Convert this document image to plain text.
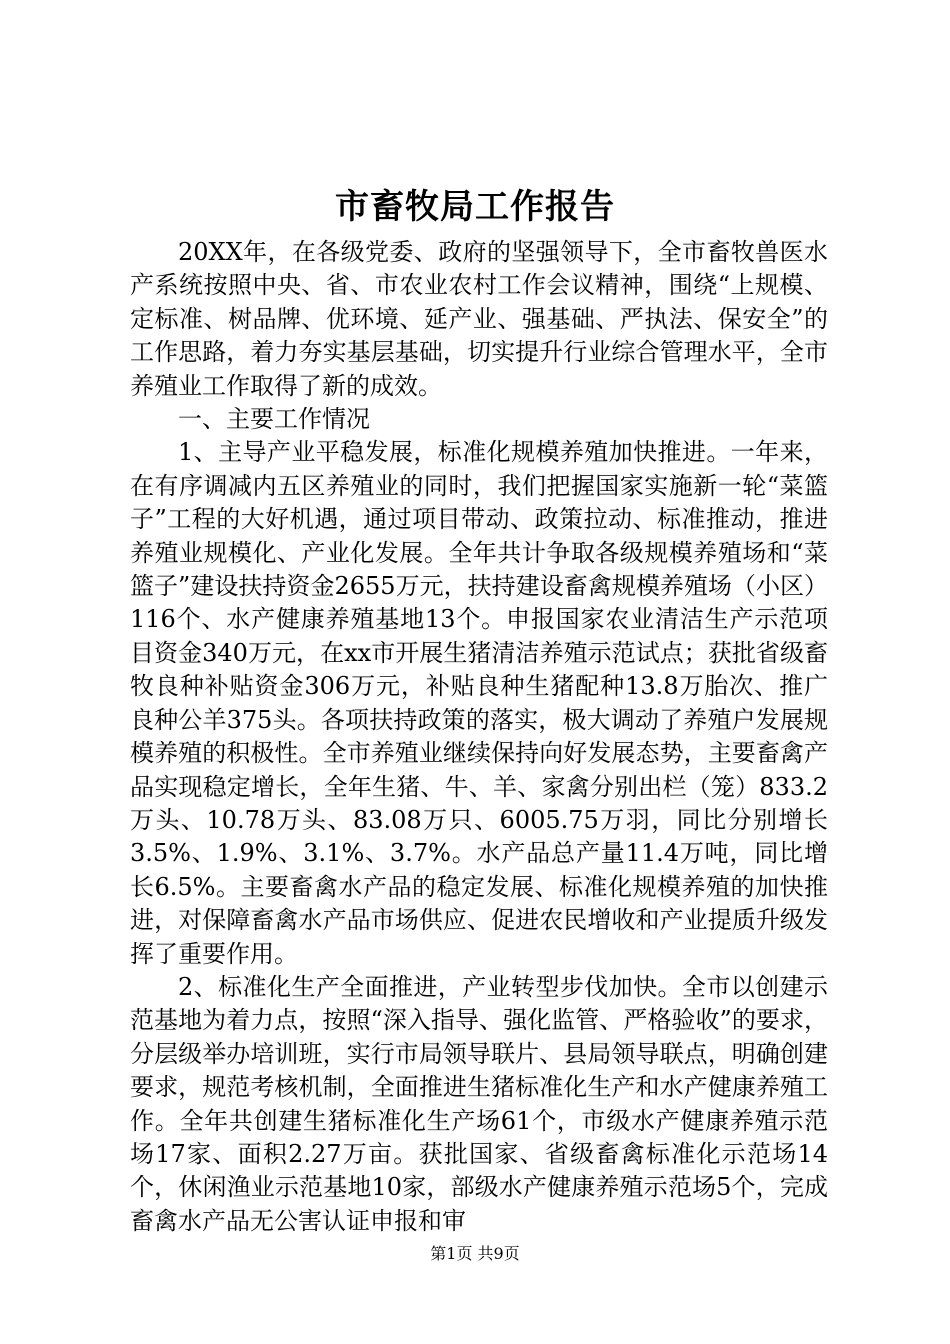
市畜牧局工作报告

20XX年，在各级党委、政府的坚强领导下，全市畜牧兽医水产系统按照中央、省、市农业农村工作会议精神，围绕“上规模、定标准、树品牌、优环境、延产业、强基础、严执法、保安全”的工作思路，着力夯实基层基础，切实提升行业综合管理水平，全市养殖业工作取得了新的成效。

一、主要工作情况

1、主导产业平稳发展，标准化规模养殖加快推进。一年来，在有序调减内五区养殖业的同时，我们把握国家实施新一轮“菜篮子”工程的大好机遇，通过项目带动、政策拉动、标准推动，推进养殖业规模化、产业化发展。全年共计争取各级规模养殖场和“菜篮子”建设扶持资金2655万元，扶持建设畜禽规模养殖场（小区）116个、水产健康养殖基地13个。申报国家农业清洁生产示范项目资金340万元，在xx市开展生猪清洁养殖示范试点；获批省级畜牧良种补贴资金306万元，补贴良种生猪配种13.8万胎次、推广良种公羊375头。各项扶持政策的落实，极大调动了养殖户发展规模养殖的积极性。全市养殖业继续保持向好发展态势，主要畜禽产品实现稳定增长，全年生猪、牛、羊、家禽分别出栏（笼）833.2万头、10.78万头、83.08万只、6005.75万羽，同比分别增长3.5%、1.9%、3.1%、3.7%。水产品总产量11.4万吨，同比增长6.5%。主要畜禽水产品的稳定发展、标准化规模养殖的加快推进，对保障畜禽水产品市场供应、促进农民增收和产业提质升级发挥了重要作用。

2、标准化生产全面推进，产业转型步伐加快。全市以创建示范基地为着力点，按照“深入指导、强化监管、严格验收”的要求，分层级举办培训班，实行市局领导联片、县局领导联点，明确创建要求，规范考核机制，全面推进生猪标准化生产和水产健康养殖工作。全年共创建生猪标准化生产场61个，市级水产健康养殖示范场17家、面积2.27万亩。获批国家、省级畜禽标准化示范场14个，休闲渔业示范基地10家，部级水产健康养殖示范场5个，完成畜禽水产品无公害认证申报和审

第1页 共9页
